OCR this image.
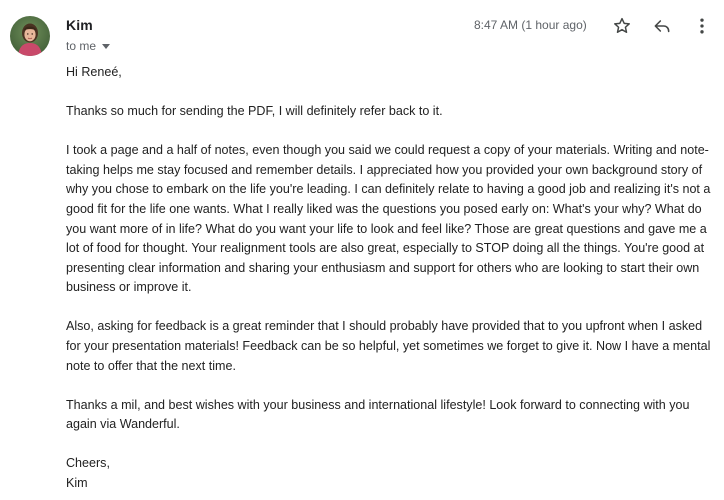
Kim
to me
8:47 AM (1 hour ago)

Hi Reneé,

Thanks so much for sending the PDF, I will definitely refer back to it.

I took a page and a half of notes, even though you said we could request a copy of your materials. Writing and note-taking helps me stay focused and remember details. I appreciated how you provided your own background story of why you chose to embark on the life you're leading. I can definitely relate to having a good job and realizing it's not a good fit for the life one wants. What I really liked was the questions you posed early on: What's your why? What do you want more of in life? What do you want your life to look and feel like? Those are great questions and gave me a lot of food for thought. Your realignment tools are also great, especially to STOP doing all the things. You're good at presenting clear information and sharing your enthusiasm and support for others who are looking to start their own business or improve it.

Also, asking for feedback is a great reminder that I should probably have provided that to you upfront when I asked for your presentation materials! Feedback can be so helpful, yet sometimes we forget to give it. Now I have a mental note to offer that the next time.

Thanks a mil, and best wishes with your business and international lifestyle! Look forward to connecting with you again via Wanderful.

Cheers,

Kim
